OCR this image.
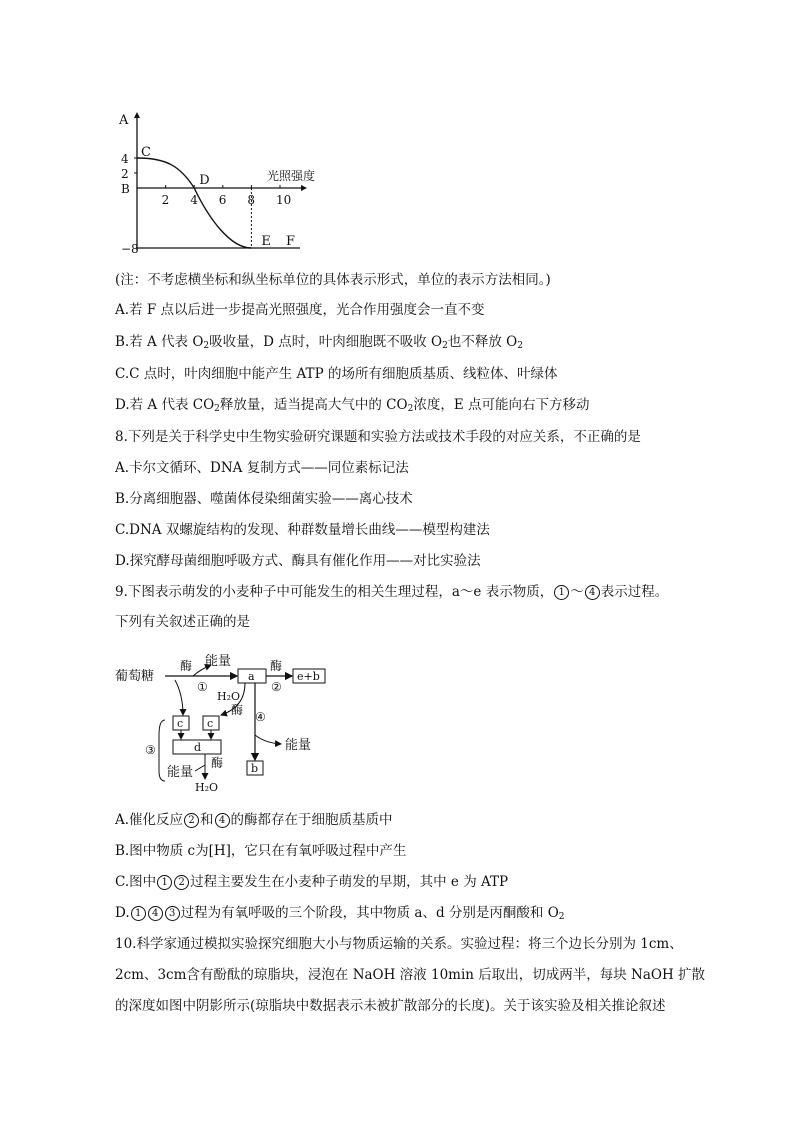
A
4
2
B
−8
2 4 6 8 10
光照强度
C
D
E F
(注：不考虑横坐标和纵坐标单位的具体表示形式，单位的表示方法相同。)
A.若 F 点以后进一步提高光照强度，光合作用强度会一直不变
B.若 A 代表 $O_2$吸收量，D 点时，叶肉细胞既不吸收 $O_2$也不释放 $O_2$
C.C 点时，叶肉细胞中能产生 ATP 的场所有细胞质基质、线粒体、叶绿体
D.若 A 代表 $CO_2$释放量，适当提高大气中的 $CO_2$浓度，E 点可能向右下方移动
8.下列是关于科学史中生物实验研究课题和实验方法或技术手段的对应关系，不正确的是
A.卡尔文循环、DNA 复制方式——同位素标记法
B.分离细胞器、噬菌体侵染细菌实验——离心技术
C.DNA 双螺旋结构的发现、种群数量增长曲线——模型构建法
D.探究酵母菌细胞呼吸方式、酶具有催化作用——对比实验法
9.下图表示萌发的小麦种子中可能发生的相关生理过程，a～e 表示物质， 1 ～ 4 表示过程。
下列有关叙述正确的是
葡萄糖
酶 能量
①
a
酶
②
e+b
c c
H₂O
酶 ④
能量
b
d
③
能量
酶
H₂O
A.催化反应 2 和 4 的酶都存在于细胞质基质中
B.图中物质 c为[H]，它只在有氧呼吸过程中产生
C.图中 1 2 过程主要发生在小麦种子萌发的早期，其中 e 为 ATP
D. 1 4 3 过程为有氧呼吸的三个阶段，其中物质 a、d 分别是丙酮酸和 $O_2$
10.科学家通过模拟实验探究细胞大小与物质运输的关系。实验过程：将三个边长分别为 1cm、
2cm、3cm含有酚酞的琼脂块，浸泡在 NaOH 溶液 10min 后取出，切成两半，每块 NaOH 扩散
的深度如图中阴影所示(琼脂块中数据表示未被扩散部分的长度)。关于该实验及相关推论叙述
